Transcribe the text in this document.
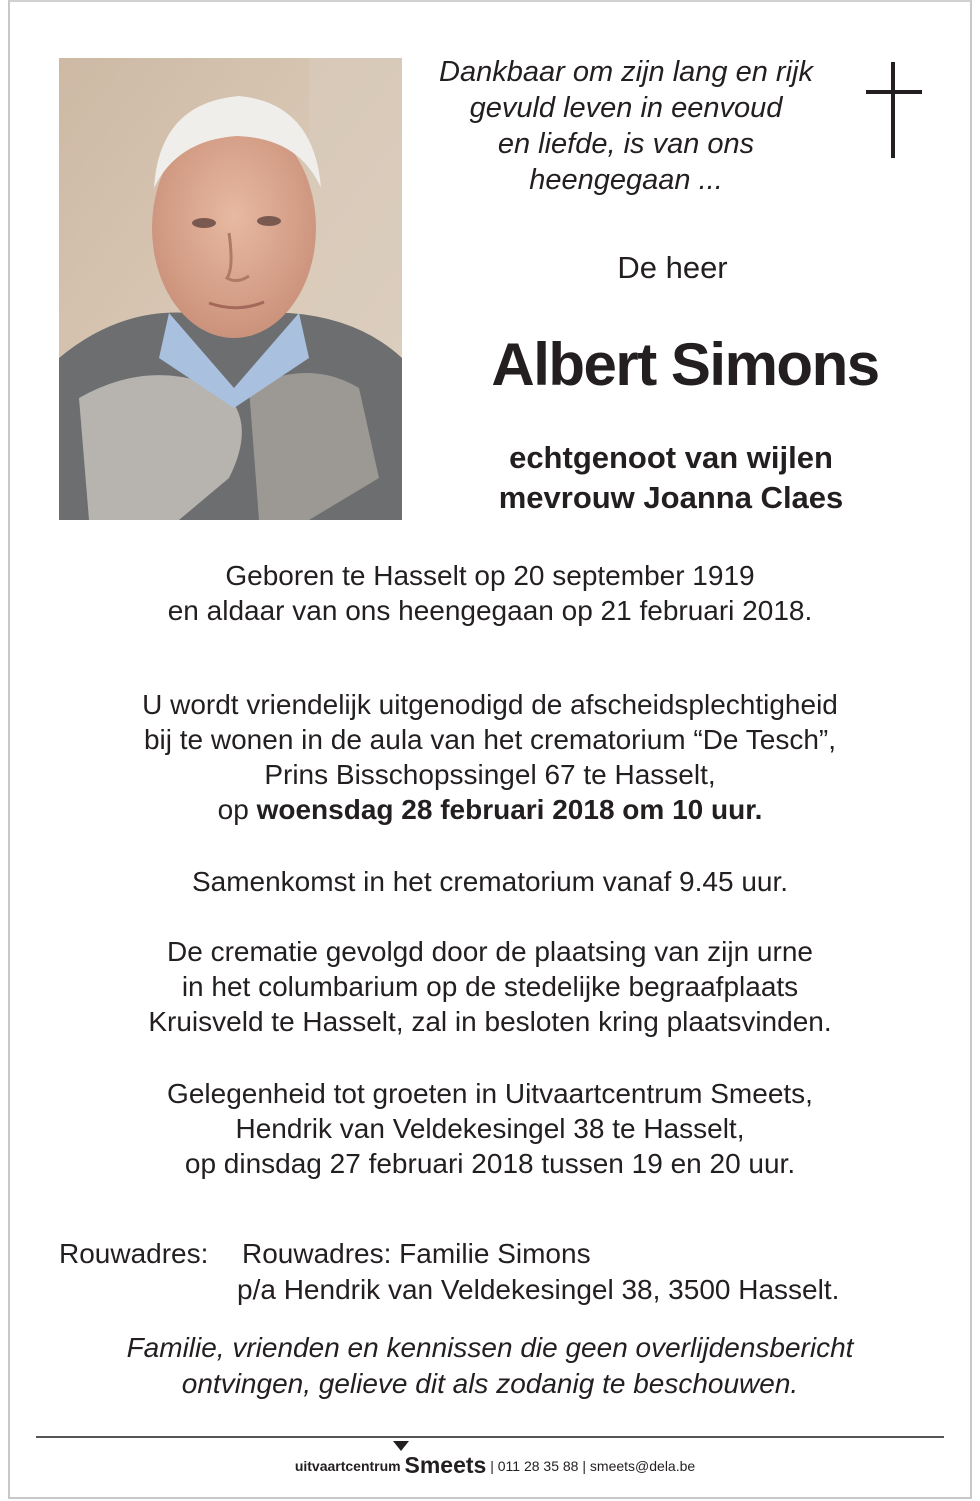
Dankbaar om zijn lang en rijk
gevuld leven in eenvoud
en liefde, is van ons
heengegaan ...
De heer
Albert Simons
echtgenoot van wijlen
mevrouw Joanna Claes
Geboren te Hasselt op 20 september 1919
en aldaar van ons heengegaan op 21 februari 2018.
U wordt vriendelijk uitgenodigd de afscheidsplechtigheid
bij te wonen in de aula van het crematorium “De Tesch”,
Prins Bisschopssingel 67 te Hasselt,
op woensdag 28 februari 2018 om 10 uur.
Samenkomst in het crematorium vanaf 9.45 uur.
De crematie gevolgd door de plaatsing van zijn urne
in het columbarium op de stedelijke begraafplaats
Kruisveld te Hasselt, zal in besloten kring plaatsvinden.
Gelegenheid tot groeten in Uitvaartcentrum Smeets,
Hendrik van Veldekesingel 38 te Hasselt,
op dinsdag 27 februari 2018 tussen 19 en 20 uur.
Rouwadres: Rouwadres: Familie Simons
p/a Hendrik van Veldekesingel 38, 3500 Hasselt.
Familie, vrienden en kennissen die geen overlijdensbericht
ontvingen, gelieve dit als zodanig te beschouwen.
uitvaartcentrum Smeets | 011 28 35 88 | smeets@dela.be
